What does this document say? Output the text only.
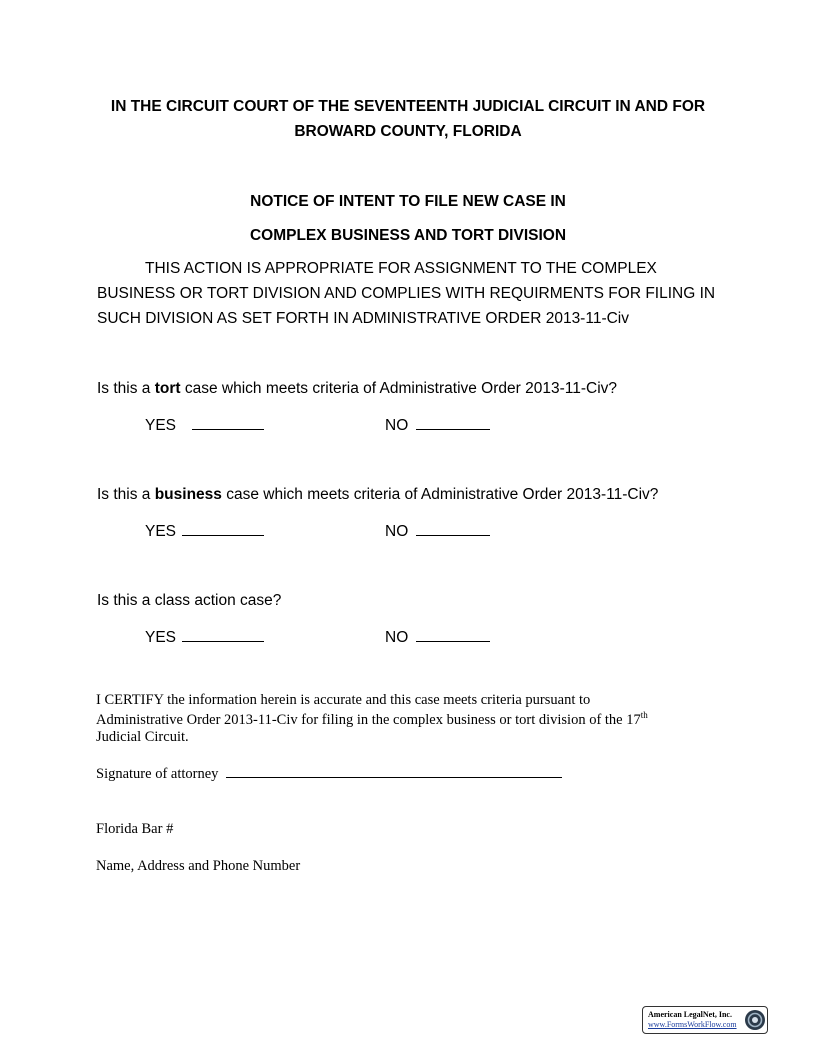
IN THE CIRCUIT COURT OF THE SEVENTEENTH JUDICIAL CIRCUIT IN AND FOR
BROWARD COUNTY, FLORIDA
NOTICE OF INTENT TO FILE NEW CASE IN
COMPLEX BUSINESS AND TORT DIVISION
THIS ACTION IS APPROPRIATE FOR ASSIGNMENT TO THE COMPLEX
BUSINESS OR TORT DIVISION AND COMPLIES WITH REQUIRMENTS FOR FILING IN
SUCH DIVISION AS SET FORTH IN ADMINISTRATIVE ORDER 2013-11-Civ
Is this a tort case which meets criteria of Administrative Order 2013-11-Civ?
YES	NO
Is this a business case which meets criteria of Administrative Order 2013-11-Civ?
YES	NO
Is this a class action case?
YES	NO
I CERTIFY the information herein is accurate and this case meets criteria pursuant to
Administrative Order 2013-11-Civ for filing in the complex business or tort division of the 17th
Judicial Circuit.
Signature of attorney
Florida Bar #
Name, Address and Phone Number
American LegalNet, Inc.
www.FormsWorkFlow.com
